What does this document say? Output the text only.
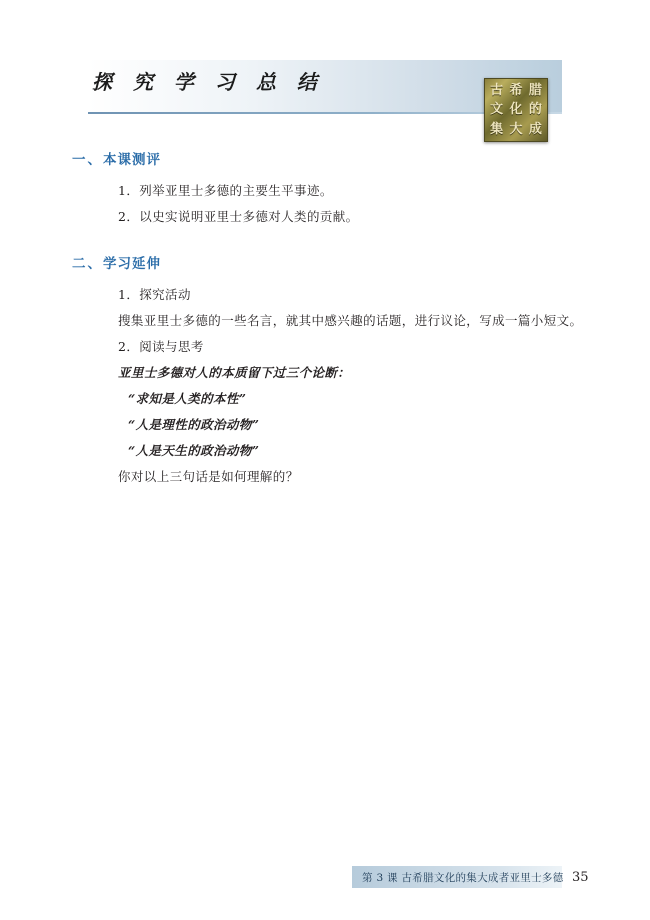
探 究 学 习 总 结	古 希 腊
文 化 的
集 大 成
一、本课测评
1．列举亚里士多德的主要生平事迹。
2．以史实说明亚里士多德对人类的贡献。
二、学习延伸
1．探究活动
搜集亚里士多德的一些名言，就其中感兴趣的话题，进行议论，写成一篇小短文。
2．阅读与思考
亚里士多德对人的本质留下过三个论断：
“求知是人类的本性”
“人是理性的政治动物”
“人是天生的政治动物”
你对以上三句话是如何理解的？
第 3 课 古希腊文化的集大成者亚里士多德 35
